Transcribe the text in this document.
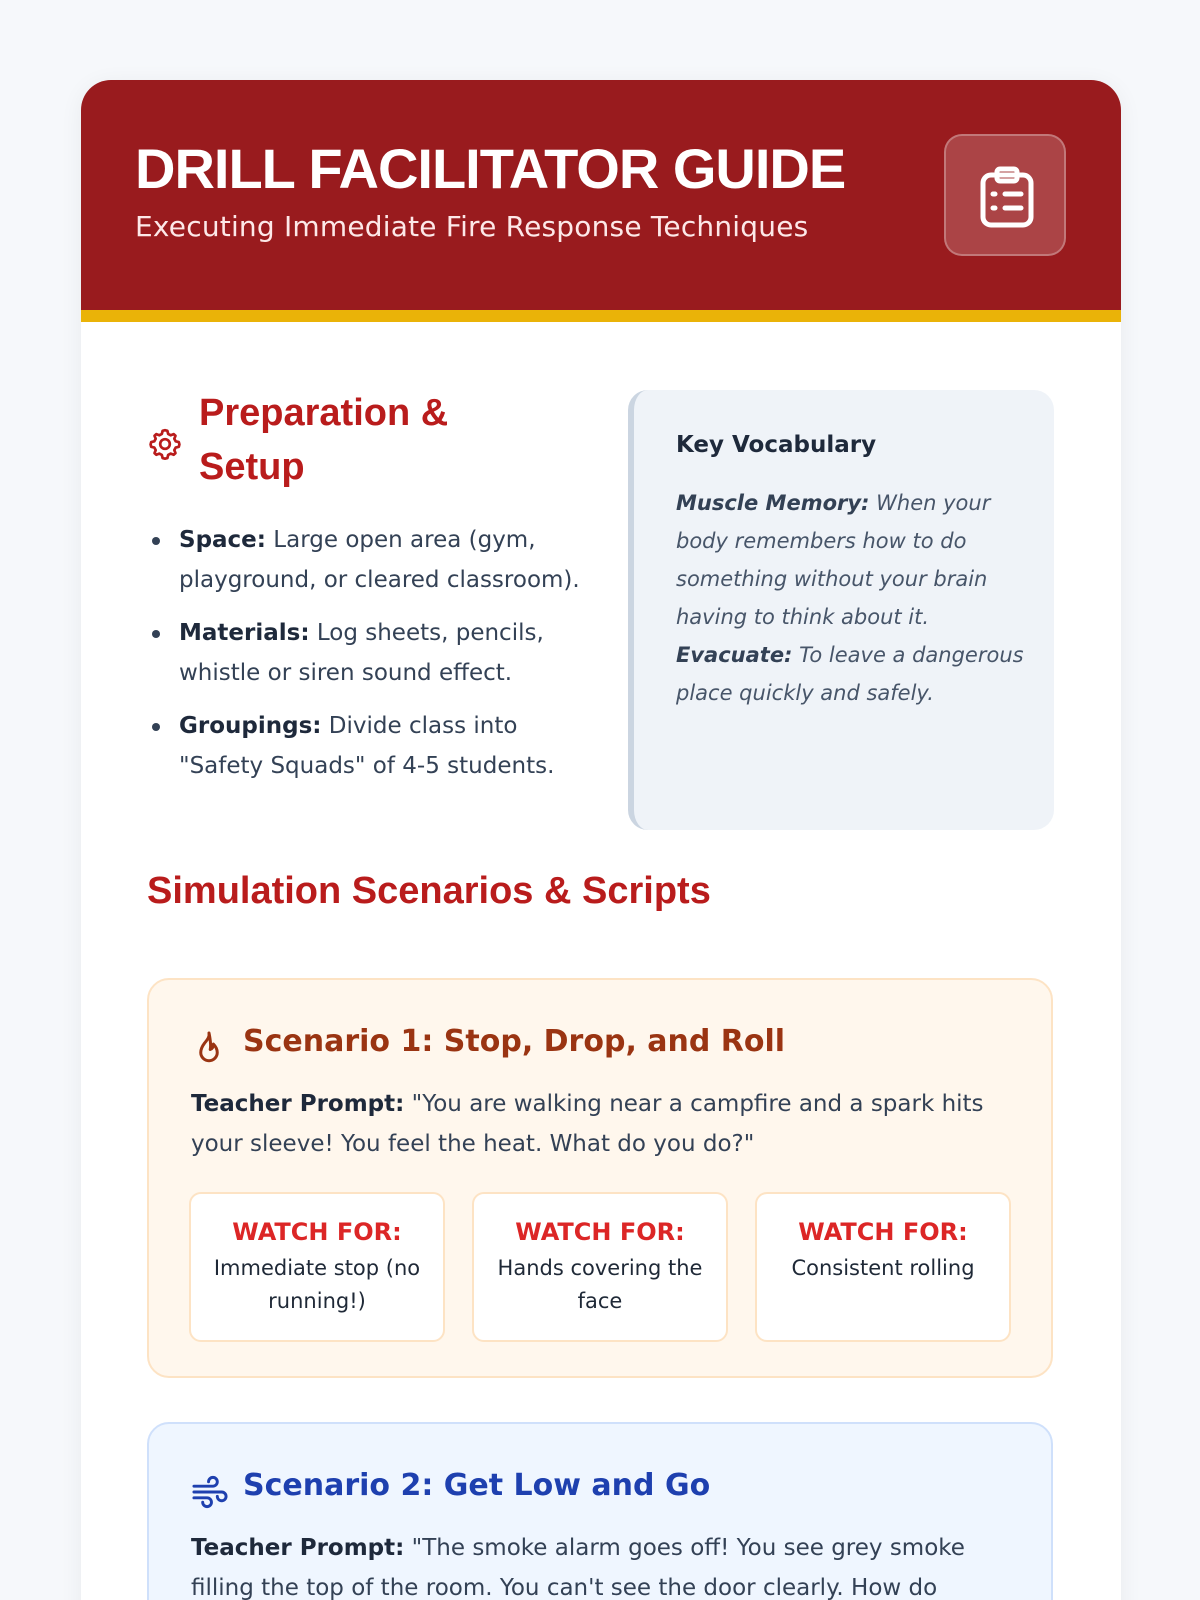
DRILL FACILITATOR GUIDE
Executing Immediate Fire Response Techniques
Preparation & Setup
Space: Large open area (gym, playground, or cleared classroom).
Materials: Log sheets, pencils, whistle or siren sound effect.
Groupings: Divide class into "Safety Squads" of 4-5 students.
Key Vocabulary
Muscle Memory: When your body remembers how to do something without your brain having to think about it.
Evacuate: To leave a dangerous place quickly and safely.
Simulation Scenarios & Scripts
Scenario 1: Stop, Drop, and Roll

Teacher Prompt: "You are walking near a campfire and a spark hits your sleeve! You feel the heat. What do you do?"

WATCH FOR:
Immediate stop (no running!)
WATCH FOR:
Hands covering the face
WATCH FOR:
Consistent rolling
Scenario 2: Get Low and Go

Teacher Prompt: "The smoke alarm goes off! You see grey smoke filling the top of the room. You can't see the door clearly. How do
